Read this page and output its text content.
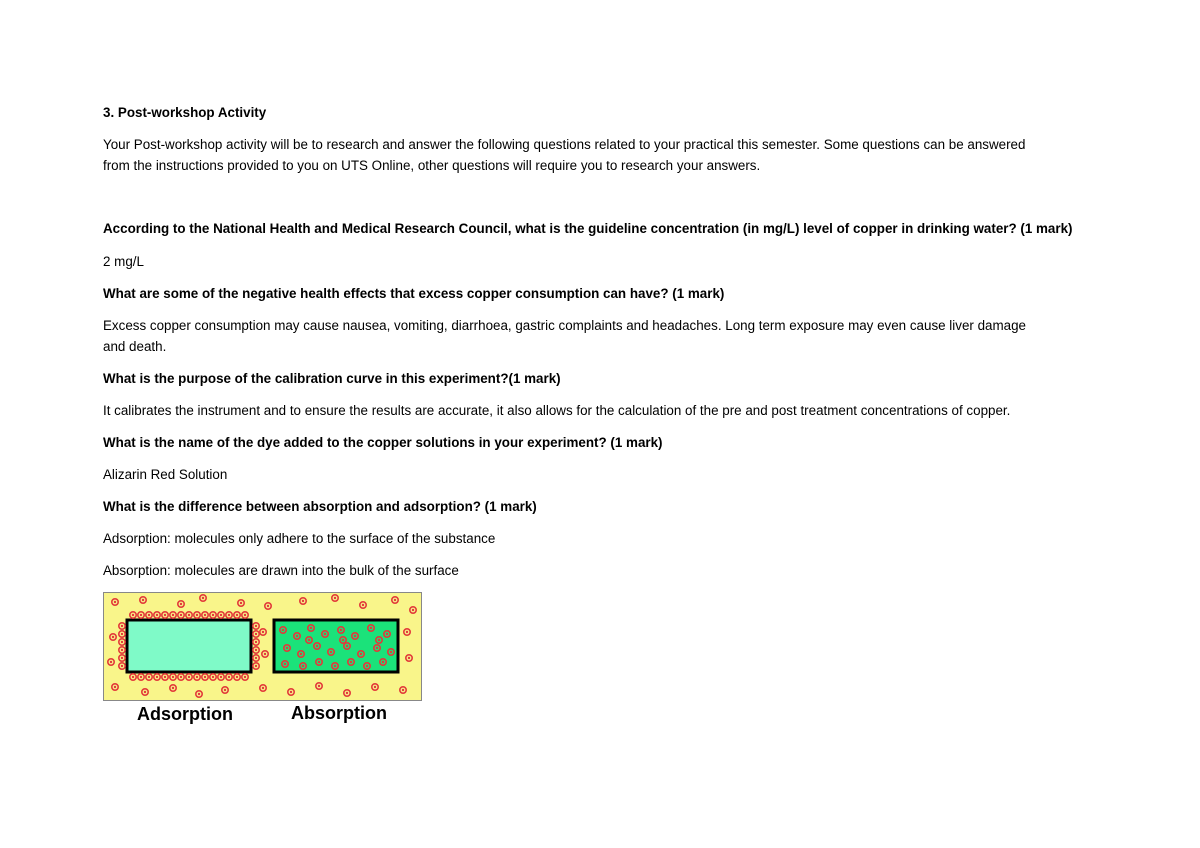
3. Post-workshop Activity

Your Post-workshop activity will be to research and answer the following questions related to your practical this semester. Some questions can be answered

from the instructions provided to you on UTS Online, other questions will require you to research your answers.

According to the National Health and Medical Research Council, what is the guideline concentration (in mg/L) level of copper in drinking water? (1 mark)

2 mg/L

What are some of the negative health effects that excess copper consumption can have? (1 mark)

Excess copper consumption may cause nausea, vomiting, diarrhoea, gastric complaints and headaches. Long term exposure may even cause liver damage

and death.

What is the purpose of the calibration curve in this experiment?(1 mark)

It calibrates the instrument and to ensure the results are accurate, it also allows for the calculation of the pre and post treatment concentrations of copper.

What is the name of the dye added to the copper solutions in your experiment? (1 mark)

Alizarin Red Solution

What is the difference between absorption and adsorption? (1 mark)

Adsorption: molecules only adhere to the surface of the substance

Absorption: molecules are drawn into the bulk of the surface

Adsorption	Absorption
